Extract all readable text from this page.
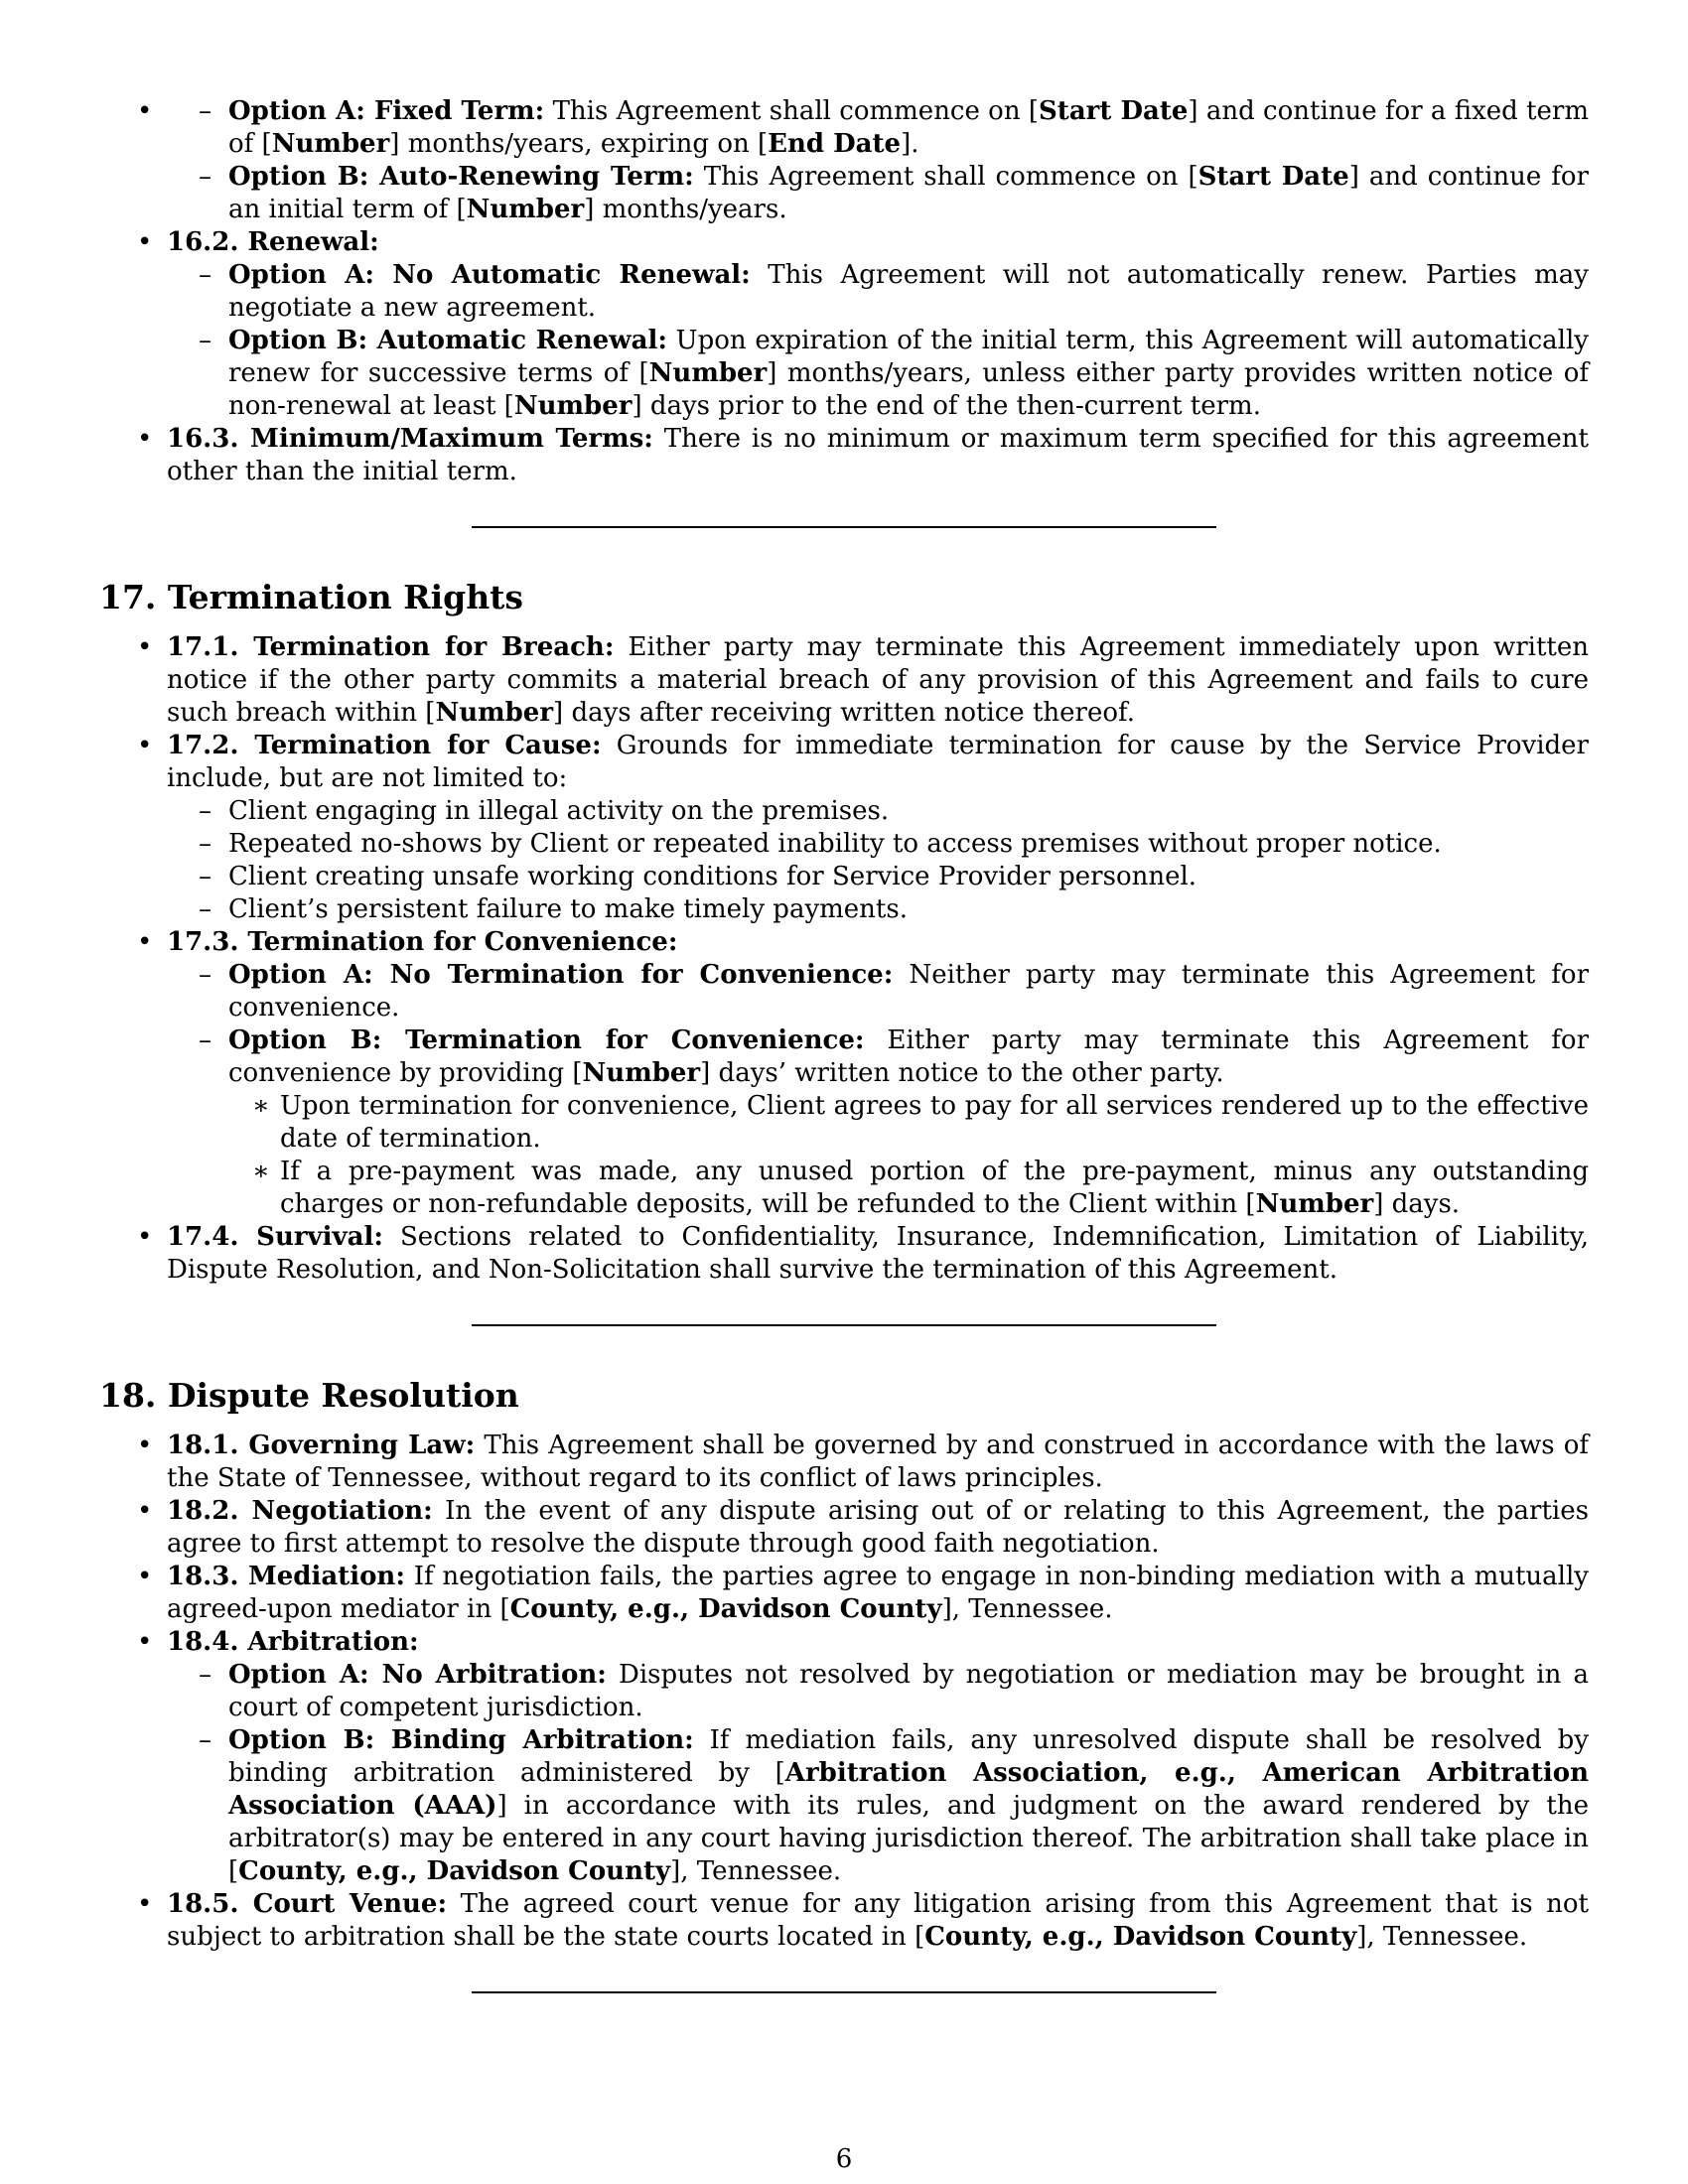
– • Option A: Fixed Term: This Agreement shall commence on [Start Date] and continue for a fixed term of [Number] months/years, expiring on [End Date].
– Option B: Auto-Renewing Term: This Agreement shall commence on [Start Date] and continue for an initial term of [Number] months/years.
• 16.2. Renewal:
– Option A: No Automatic Renewal: This Agreement will not automatically renew. Parties may negotiate a new agreement.
– Option B: Automatic Renewal: Upon expiration of the initial term, this Agreement will automatically renew for successive terms of [Number] months/years, unless either party provides written notice of non-renewal at least [Number] days prior to the end of the then-current term.
• 16.3. Minimum/Maximum Terms: There is no minimum or maximum term specified for this agreement other than the initial term.
17. Termination Rights
• 17.1. Termination for Breach: Either party may terminate this Agreement immediately upon written notice if the other party commits a material breach of any provision of this Agreement and fails to cure such breach within [Number] days after receiving written notice thereof.
• 17.2. Termination for Cause: Grounds for immediate termination for cause by the Service Provider include, but are not limited to:
– Client engaging in illegal activity on the premises.
– Repeated no-shows by Client or repeated inability to access premises without proper notice.
– Client creating unsafe working conditions for Service Provider personnel.
– Client’s persistent failure to make timely payments.
• 17.3. Termination for Convenience:
– Option A: No Termination for Convenience: Neither party may terminate this Agreement for convenience.
– Option B: Termination for Convenience: Either party may terminate this Agreement for convenience by providing [Number] days’ written notice to the other party.
∗ Upon termination for convenience, Client agrees to pay for all services rendered up to the effective date of termination.
∗ If a pre-payment was made, any unused portion of the pre-payment, minus any outstanding charges or non-refundable deposits, will be refunded to the Client within [Number] days.
• 17.4. Survival: Sections related to Confidentiality, Insurance, Indemnification, Limitation of Liability, Dispute Resolution, and Non-Solicitation shall survive the termination of this Agreement.
18. Dispute Resolution
• 18.1. Governing Law: This Agreement shall be governed by and construed in accordance with the laws of the State of Tennessee, without regard to its conflict of laws principles.
• 18.2. Negotiation: In the event of any dispute arising out of or relating to this Agreement, the parties agree to first attempt to resolve the dispute through good faith negotiation.
• 18.3. Mediation: If negotiation fails, the parties agree to engage in non-binding mediation with a mutually agreed-upon mediator in [County, e.g., Davidson County], Tennessee.
• 18.4. Arbitration:
– Option A: No Arbitration: Disputes not resolved by negotiation or mediation may be brought in a court of competent jurisdiction.
– Option B: Binding Arbitration: If mediation fails, any unresolved dispute shall be resolved by binding arbitration administered by [Arbitration Association, e.g., American Arbitration Association (AAA)] in accordance with its rules, and judgment on the award rendered by the arbitrator(s) may be entered in any court having jurisdiction thereof. The arbitration shall take place in [County, e.g., Davidson County], Tennessee.
• 18.5. Court Venue: The agreed court venue for any litigation arising from this Agreement that is not subject to arbitration shall be the state courts located in [County, e.g., Davidson County], Tennessee.
6
